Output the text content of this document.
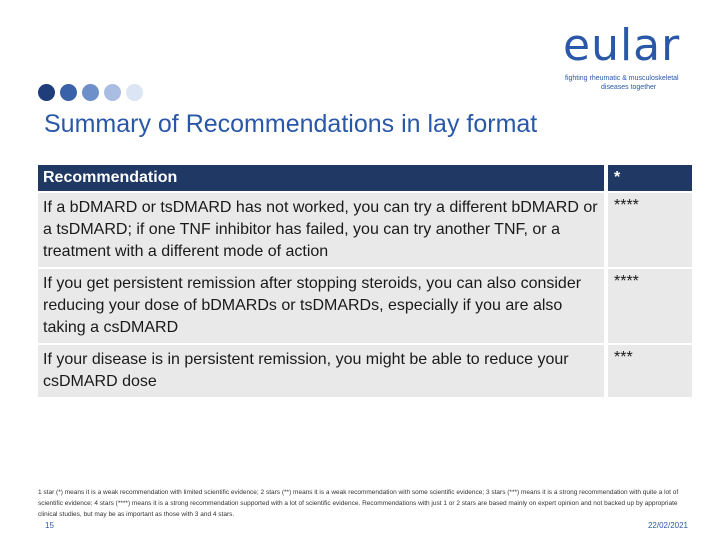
eular
fighting rheumatic & musculoskeletal
diseases together
Summary of Recommendations in lay format
Recommendation	*
If a bDMARD or tsDMARD has not worked, you can try a different bDMARD or a tsDMARD; if one TNF inhibitor has failed, you can try another TNF, or a treatment with a different mode of action
****
If you get persistent remission after stopping steroids, you can also consider reducing your dose of bDMARDs or tsDMARDs, especially if you are also taking a csDMARD
****
If your disease is in persistent remission, you might be able to reduce your csDMARD dose
***
1 star (*) means it is a weak recommendation with limited scientific evidence; 2 stars (**) means it is a weak recommendation with some scientific evidence; 3 stars (***) means it is a strong recommendation with quite a lot of scientific evidence; 4 stars (****) means it is a strong recommendation supported with a lot of scientific evidence. Recommendations with just 1 or 2 stars are based mainly on expert opinion and not backed up by appropriate clinical studies, but may be as important as those with 3 and 4 stars.
15	22/02/2021
